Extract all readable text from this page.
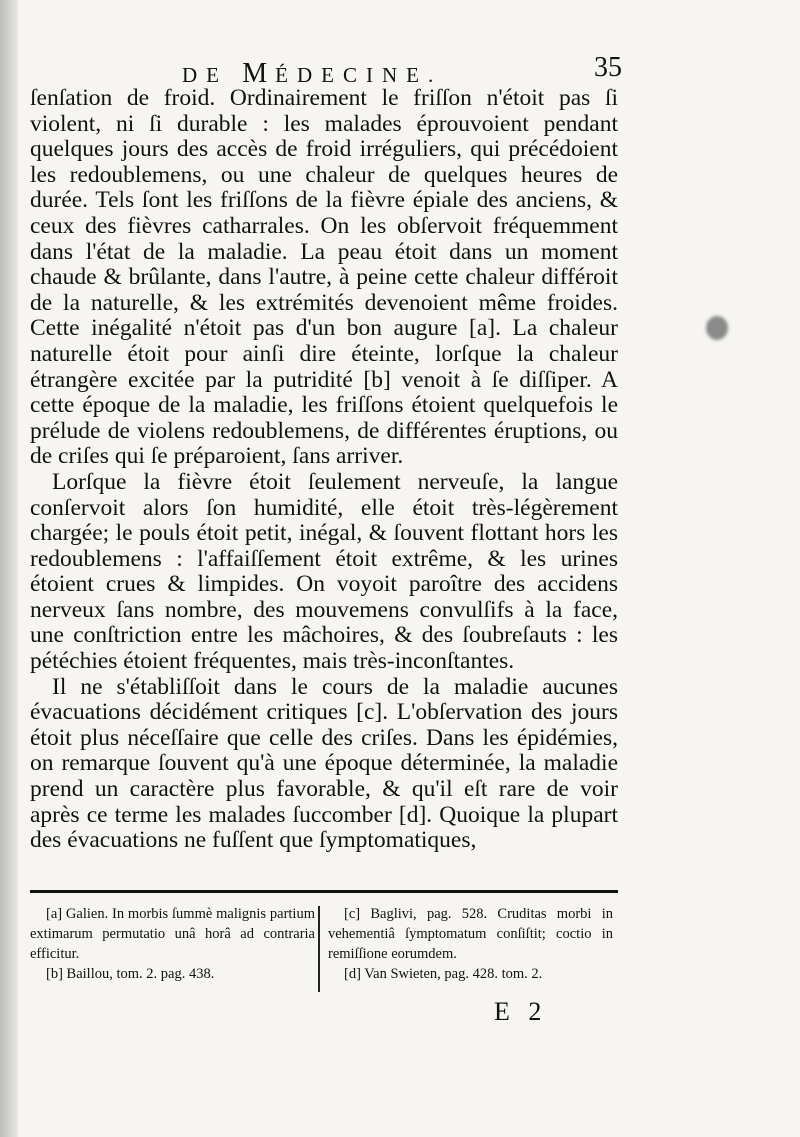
DE MÉDECINE.	35

ſenſation de froid. Ordinairement le friſſon n'étoit pas ſi violent, ni ſi durable : les malades éprouvoient pendant quelques jours des accès de froid irréguliers, qui précédoient les redoublemens, ou une chaleur de quelques heures de durée. Tels ſont les friſſons de la fièvre épiale des anciens, & ceux des fièvres catharrales. On les obſervoit fréquemment dans l'état de la maladie. La peau étoit dans un moment chaude & brûlante, dans l'autre, à peine cette chaleur différoit de la naturelle, & les extrémités devenoient même froides. Cette inégalité n'étoit pas d'un bon augure [a]. La chaleur naturelle étoit pour ainſi dire éteinte, lorſque la chaleur étrangère excitée par la putridité [b] venoit à ſe diſſiper. A cette époque de la maladie, les friſſons étoient quelquefois le prélude de violens redoublemens, de différentes éruptions, ou de criſes qui ſe préparoient, ſans arriver.

Lorſque la fièvre étoit ſeulement nerveuſe, la langue conſervoit alors ſon humidité, elle étoit très-légèrement chargée; le pouls étoit petit, inégal, & ſouvent flottant hors les redoublemens : l'affaiſſement étoit extrême, & les urines étoient crues & limpides. On voyoit paroître des accidens nerveux ſans nombre, des mouvemens convulſifs à la face, une conſtriction entre les mâchoires, & des ſoubreſauts : les pétéchies étoient fréquentes, mais très-inconſtantes.

Il ne s'établiſſoit dans le cours de la maladie aucunes évacuations décidément critiques [c]. L'obſervation des jours étoit plus néceſſaire que celle des criſes. Dans les épidémies, on remarque ſouvent qu'à une époque déterminée, la maladie prend un caractère plus favorable, & qu'il eſt rare de voir après ce terme les malades ſuccomber [d]. Quoique la plupart des évacuations ne fuſſent que ſymptomatiques,

[a] Galien. In morbis ſummè malignis partium extimarum permutatio unâ horâ ad contraria efficitur.

[b] Baillou, tom. 2. pag. 438.

[c] Baglivi, pag. 528. Cruditas morbi in vehementiâ ſymptomatum conſiſtit; coctio in remiſſione eorumdem.

[d] Van Swieten, pag. 428. tom. 2.

E 2
